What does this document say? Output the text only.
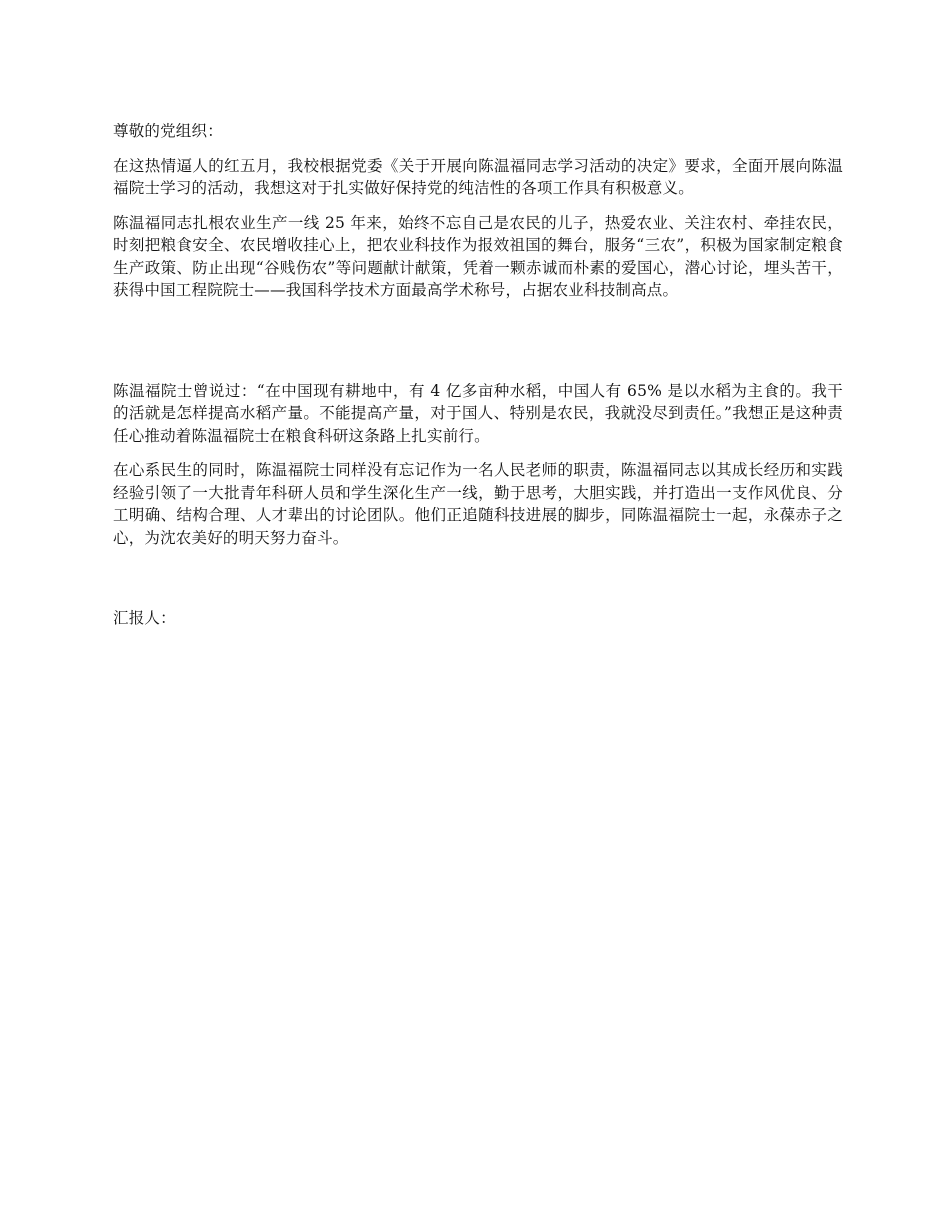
尊敬的党组织：

在这热情逼人的红五月，我校根据党委《关于开展向陈温福同志学习活动的决定》要求，全面开展向陈温福院士学习的活动，我想这对于扎实做好保持党的纯洁性的各项工作具有积极意义。

陈温福同志扎根农业生产一线 25 年来，始终不忘自己是农民的儿子，热爱农业、关注农村、牵挂农民，时刻把粮食安全、农民增收挂心上，把农业科技作为报效祖国的舞台，服务“三农”，积极为国家制定粮食生产政策、防止出现“谷贱伤农”等问题献计献策，凭着一颗赤诚而朴素的爱国心，潜心讨论，埋头苦干，获得中国工程院院士——我国科学技术方面最高学术称号，占据农业科技制高点。

陈温福院士曾说过：“在中国现有耕地中，有 4 亿多亩种水稻，中国人有 65% 是以水稻为主食的。我干的活就是怎样提高水稻产量。不能提高产量，对于国人、特别是农民，我就没尽到责任。”我想正是这种责任心推动着陈温福院士在粮食科研这条路上扎实前行。

在心系民生的同时，陈温福院士同样没有忘记作为一名人民老师的职责，陈温福同志以其成长经历和实践经验引领了一大批青年科研人员和学生深化生产一线，勤于思考，大胆实践，并打造出一支作风优良、分工明确、结构合理、人才辈出的讨论团队。他们正追随科技进展的脚步，同陈温福院士一起，永葆赤子之心，为沈农美好的明天努力奋斗。

汇报人：
